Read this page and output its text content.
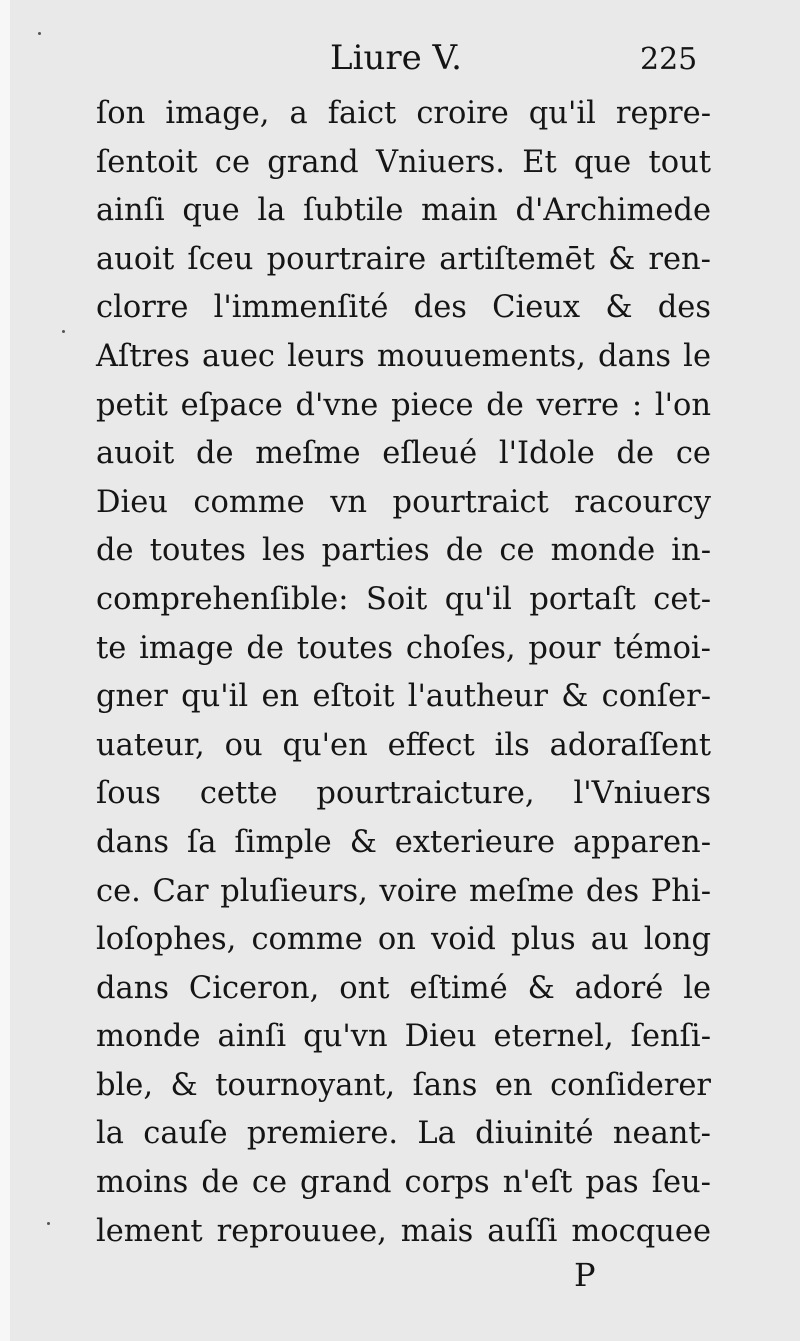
Liure V.	225
ſon image, a faict croire qu'il repre-
ſentoit ce grand Vniuers. Et que tout
ainſi que la ſubtile main d'Archimede
auoit ſceu pourtraire artiſtemēt & ren-
clorre l'immenſité des Cieux & des
Aſtres auec leurs mouuements, dans le
petit eſpace d'vne piece de verre : l'on
auoit de meſme eſleué l'Idole de ce
Dieu comme vn pourtraict racourcy
de toutes les parties de ce monde in-
comprehenſible: Soit qu'il portaſt cet-
te image de toutes choſes, pour témoi-
gner qu'il en eſtoit l'autheur & conſer-
uateur, ou qu'en effect ils adoraſſent
ſous cette pourtraicture, l'Vniuers
dans ſa ſimple & exterieure apparen-
ce. Car pluſieurs, voire meſme des Phi-
loſophes, comme on void plus au long
dans Ciceron, ont eſtimé & adoré le
monde ainſi qu'vn Dieu eternel, ſenſi-
ble, & tournoyant, ſans en conſiderer
la cauſe premiere. La diuinité neant-
moins de ce grand corps n'eſt pas ſeu-
lement reprouuee, mais auſſi mocquee
P
